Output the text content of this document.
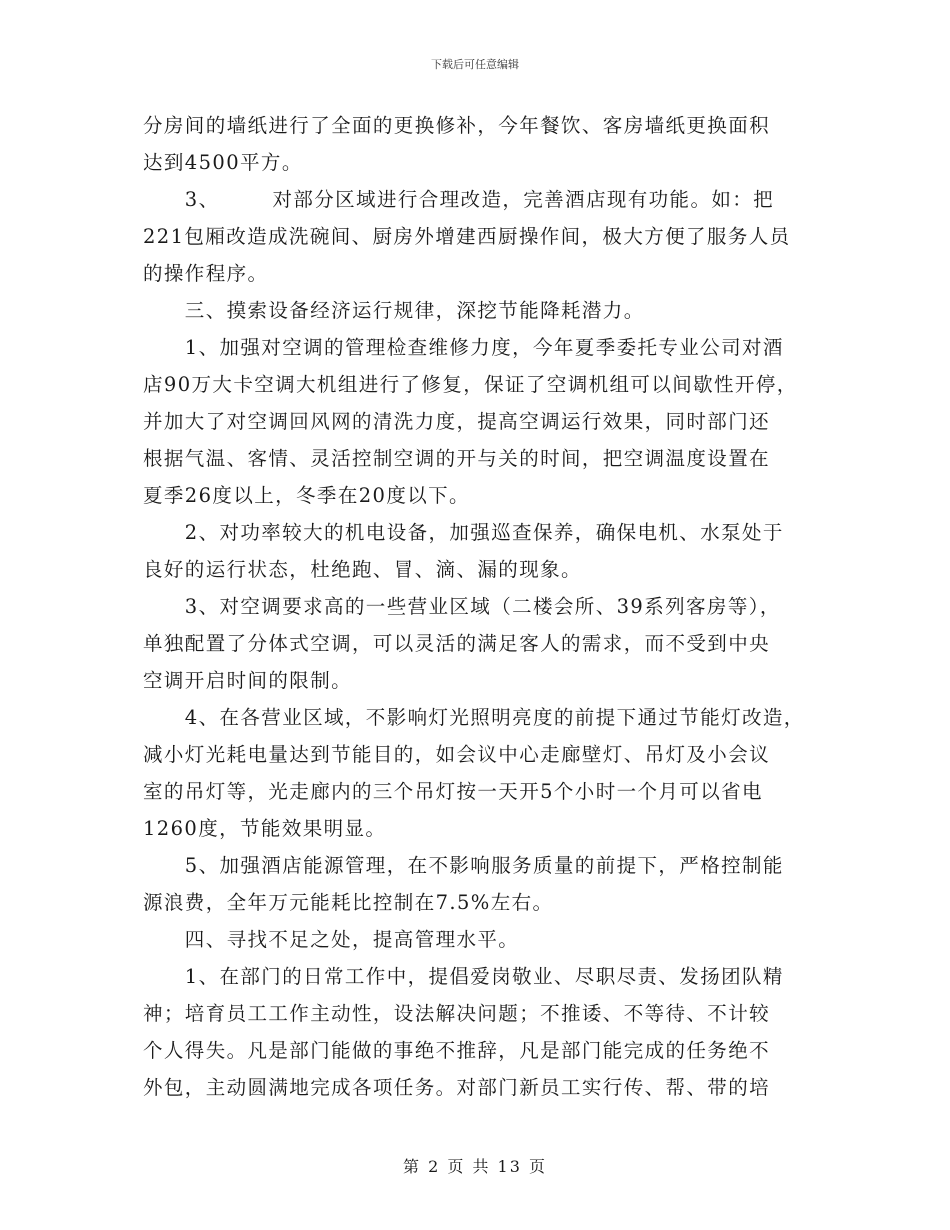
下载后可任意编辑
分房间的墙纸进行了全面的更换修补，今年餐饮、客房墙纸更换面积
达到4500平方。
　　3、　　　对部分区域进行合理改造，完善酒店现有功能。如：把
221包厢改造成洗碗间、厨房外增建西厨操作间，极大方便了服务人员
的操作程序。
　　三、摸索设备经济运行规律，深挖节能降耗潜力。
　　1、加强对空调的管理检查维修力度，今年夏季委托专业公司对酒
店90万大卡空调大机组进行了修复，保证了空调机组可以间歇性开停，
并加大了对空调回风网的清洗力度，提高空调运行效果，同时部门还
根据气温、客情、灵活控制空调的开与关的时间，把空调温度设置在
夏季26度以上，冬季在20度以下。
　　2、对功率较大的机电设备，加强巡查保养，确保电机、水泵处于
良好的运行状态，杜绝跑、冒、滴、漏的现象。
　　3、对空调要求高的一些营业区域（二楼会所、39系列客房等），
单独配置了分体式空调，可以灵活的满足客人的需求，而不受到中央
空调开启时间的限制。
　　4、在各营业区域，不影响灯光照明亮度的前提下通过节能灯改造，
减小灯光耗电量达到节能目的，如会议中心走廊壁灯、吊灯及小会议
室的吊灯等，光走廊内的三个吊灯按一天开5个小时一个月可以省电
1260度，节能效果明显。
　　5、加强酒店能源管理，在不影响服务质量的前提下，严格控制能
源浪费，全年万元能耗比控制在7.5%左右。
　　四、寻找不足之处，提高管理水平。
　　1、在部门的日常工作中，提倡爱岗敬业、尽职尽责、发扬团队精
神；培育员工工作主动性，设法解决问题；不推诿、不等待、不计较
个人得失。凡是部门能做的事绝不推辞，凡是部门能完成的任务绝不
外包，主动圆满地完成各项任务。对部门新员工实行传、帮、带的培
第 2 页 共 13 页
